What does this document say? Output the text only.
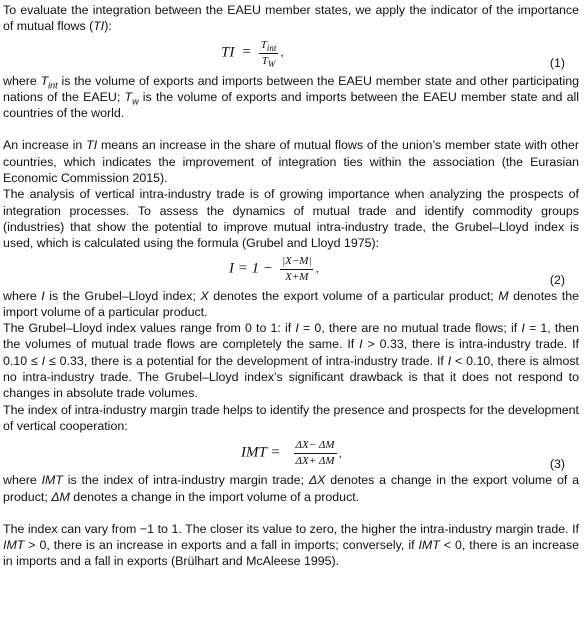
To evaluate the integration between the EAEU member states, we apply the indicator of the importance of mutual flows (TI):

TI = $\frac{T_{int}}{T_W}$ ,
(1)

where $T_{int}$ is the volume of exports and imports between the EAEU member state and other participating nations of the EAEU; $T_w$ is the volume of exports and imports between the EAEU member state and all countries of the world.

An increase in TI means an increase in the share of mutual flows of the union’s member state with other countries, which indicates the improvement of integration ties within the association (the Eurasian Economic Commission 2015).

The analysis of vertical intra-industry trade is of growing importance when analyzing the prospects of integration processes. To assess the dynamics of mutual trade and identify commodity groups (industries) that show the potential to improve mutual intra-industry trade, the Grubel–Lloyd index is used, which is calculated using the formula (Grubel and Lloyd 1975):

$I = 1 - \frac{|X-M|}{X+M}$ ,
(2)

where I is the Grubel–Lloyd index; X denotes the export volume of a particular product; M denotes the import volume of a particular product.

The Grubel–Lloyd index values range from 0 to 1: if I = 0, there are no mutual trade flows; if I = 1, then the volumes of mutual trade flows are completely the same. If I > 0.33, there is intra-industry trade. If 0.10 ≤ I ≤ 0.33, there is a potential for the development of intra-industry trade. If I < 0.10, there is almost no intra-industry trade. The Grubel–Lloyd index’s significant drawback is that it does not respond to changes in absolute trade volumes.

The index of intra-industry margin trade helps to identify the presence and prospects for the development of vertical cooperation:

IMT = $\frac{\Delta X- \Delta M}{\Delta X+ \Delta M}$ ,
(3)

where IMT is the index of intra-industry margin trade; ΔX denotes a change in the export volume of a product; ΔM denotes a change in the import volume of a product.

The index can vary from −1 to 1. The closer its value to zero, the higher the intra-industry margin trade. If IMT > 0, there is an increase in exports and a fall in imports; conversely, if IMT < 0, there is an increase in imports and a fall in exports (Brülhart and McAleese 1995).
